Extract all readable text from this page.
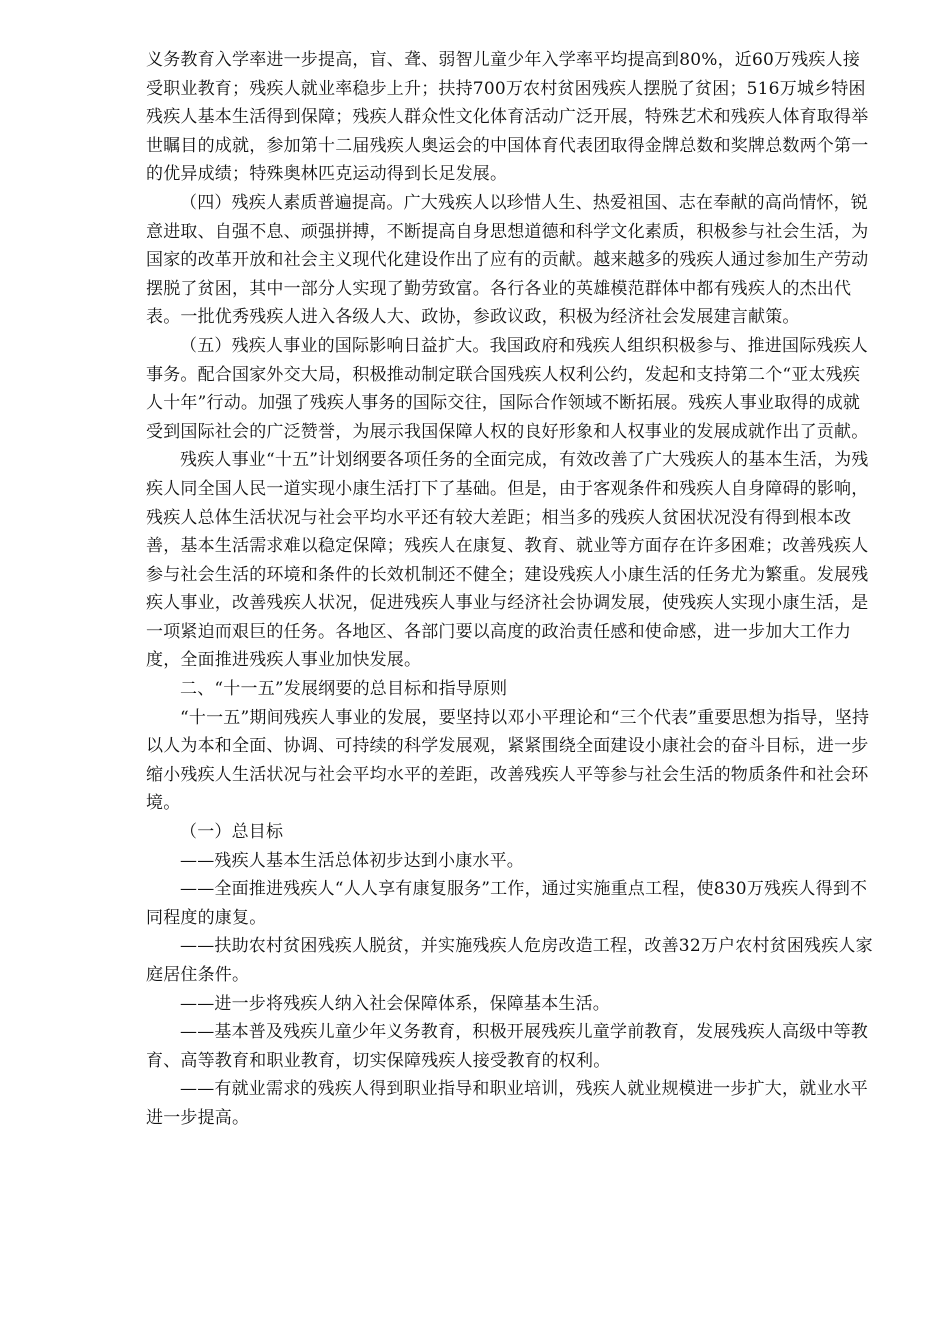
义务教育入学率进一步提高，盲、聋、弱智儿童少年入学率平均提高到80%，近60万残疾人接受职业教育；残疾人就业率稳步上升；扶持700万农村贫困残疾人摆脱了贫困；516万城乡特困残疾人基本生活得到保障；残疾人群众性文化体育活动广泛开展，特殊艺术和残疾人体育取得举世瞩目的成就，参加第十二届残疾人奥运会的中国体育代表团取得金牌总数和奖牌总数两个第一的优异成绩；特殊奥林匹克运动得到长足发展。

（四）残疾人素质普遍提高。广大残疾人以珍惜人生、热爱祖国、志在奉献的高尚情怀，锐意进取、自强不息、顽强拼搏，不断提高自身思想道德和科学文化素质，积极参与社会生活，为国家的改革开放和社会主义现代化建设作出了应有的贡献。越来越多的残疾人通过参加生产劳动摆脱了贫困，其中一部分人实现了勤劳致富。各行各业的英雄模范群体中都有残疾人的杰出代表。一批优秀残疾人进入各级人大、政协，参政议政，积极为经济社会发展建言献策。

（五）残疾人事业的国际影响日益扩大。我国政府和残疾人组织积极参与、推进国际残疾人事务。配合国家外交大局，积极推动制定联合国残疾人权利公约，发起和支持第二个“亚太残疾人十年”行动。加强了残疾人事务的国际交往，国际合作领域不断拓展。残疾人事业取得的成就受到国际社会的广泛赞誉，为展示我国保障人权的良好形象和人权事业的发展成就作出了贡献。

残疾人事业“十五”计划纲要各项任务的全面完成，有效改善了广大残疾人的基本生活，为残疾人同全国人民一道实现小康生活打下了基础。但是，由于客观条件和残疾人自身障碍的影响，残疾人总体生活状况与社会平均水平还有较大差距；相当多的残疾人贫困状况没有得到根本改善，基本生活需求难以稳定保障；残疾人在康复、教育、就业等方面存在许多困难；改善残疾人参与社会生活的环境和条件的长效机制还不健全；建设残疾人小康生活的任务尤为繁重。发展残疾人事业，改善残疾人状况，促进残疾人事业与经济社会协调发展，使残疾人实现小康生活，是一项紧迫而艰巨的任务。各地区、各部门要以高度的政治责任感和使命感，进一步加大工作力度，全面推进残疾人事业加快发展。

二、“十一五”发展纲要的总目标和指导原则

“十一五”期间残疾人事业的发展，要坚持以邓小平理论和“三个代表”重要思想为指导，坚持以人为本和全面、协调、可持续的科学发展观，紧紧围绕全面建设小康社会的奋斗目标，进一步缩小残疾人生活状况与社会平均水平的差距，改善残疾人平等参与社会生活的物质条件和社会环境。

（一）总目标

——残疾人基本生活总体初步达到小康水平。

——全面推进残疾人“人人享有康复服务”工作，通过实施重点工程，使830万残疾人得到不同程度的康复。

——扶助农村贫困残疾人脱贫，并实施残疾人危房改造工程，改善32万户农村贫困残疾人家庭居住条件。

——进一步将残疾人纳入社会保障体系，保障基本生活。

——基本普及残疾儿童少年义务教育，积极开展残疾儿童学前教育，发展残疾人高级中等教育、高等教育和职业教育，切实保障残疾人接受教育的权利。

——有就业需求的残疾人得到职业指导和职业培训，残疾人就业规模进一步扩大，就业水平进一步提高。
